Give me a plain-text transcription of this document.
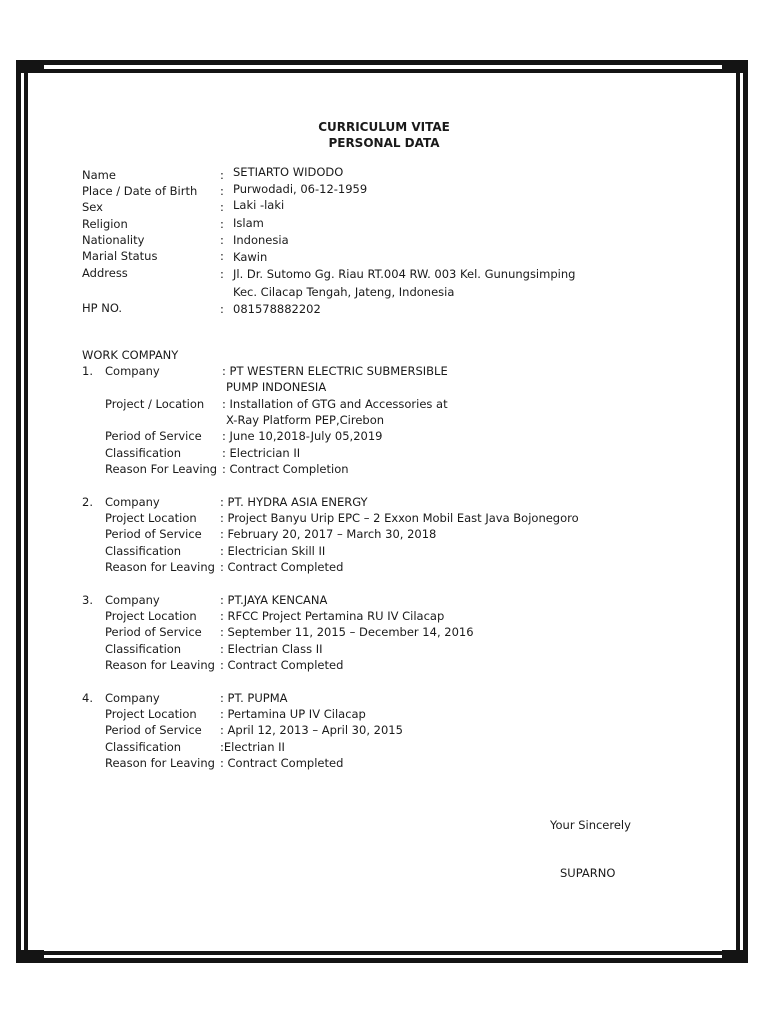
CURRICULUM VITAE
PERSONAL DATA
Name	: SETIARTO WIDODO
Place / Date of Birth : Purwodadi, 06-12-1959
Sex	: Laki -laki
Religion	: Islam
Nationality	: Indonesia
Marial Status	: Kawin
Address	: Jl. Dr. Sutomo Gg. Riau RT.004 RW. 003 Kel. Gunungsimping
Kec. Cilacap Tengah, Jateng, Indonesia
HP NO.	: 081578882202
WORK COMPANY
1. Company	: PT WESTERN ELECTRIC SUBMERSIBLE
PUMP INDONESIA
Project / Location : Installation of GTG and Accessories at
X-Ray Platform PEP,Cirebon
Period of Service : June 10,2018-July 05,2019
Classification	: Electrician II
Reason For Leaving : Contract Completion
2. Company	: PT. HYDRA ASIA ENERGY
Project Location : Project Banyu Urip EPC – 2 Exxon Mobil East Java Bojonegoro
Period of Service : February 20, 2017 – March 30, 2018
Classification	: Electrician Skill II
Reason for Leaving : Contract Completed
3. Company	: PT.JAYA KENCANA
Project Location : RFCC Project Pertamina RU IV Cilacap
Period of Service : September 11, 2015 – December 14, 2016
Classification	: Electrian Class II
Reason for Leaving : Contract Completed
4. Company	: PT. PUPMA
Project Location : Pertamina UP IV Cilacap
Period of Service : April 12, 2013 – April 30, 2015
Classification	:Electrian II
Reason for Leaving : Contract Completed
Your Sincerely
SUPARNO
